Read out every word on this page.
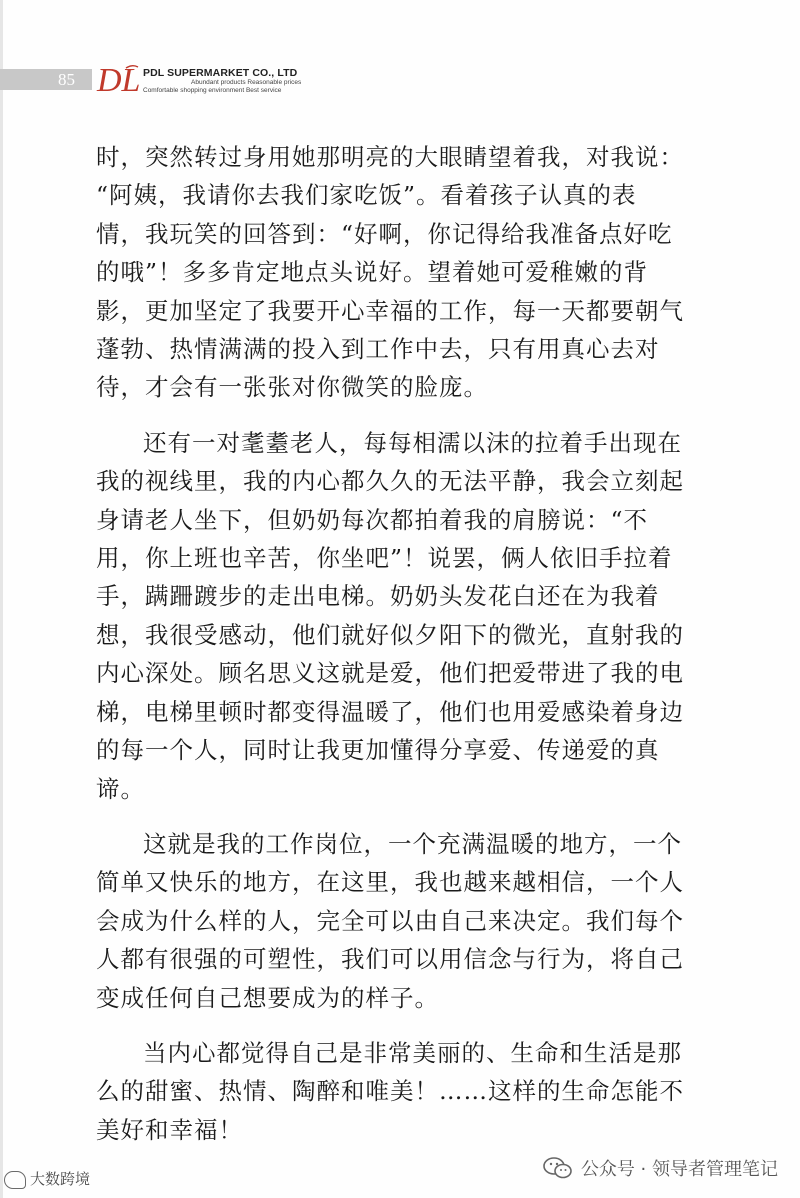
85 DL PDL SUPERMARKET CO., LTD
Abundant products Reasonable prices
Comfortable shopping environment Best service

时，突然转过身用她那明亮的大眼睛望着我，对我说：
“阿姨，我请你去我们家吃饭”。看着孩子认真的表
情，我玩笑的回答到：“好啊，你记得给我准备点好吃
的哦”！多多肯定地点头说好。望着她可爱稚嫩的背
影，更加坚定了我要开心幸福的工作，每一天都要朝气
蓬勃、热情满满的投入到工作中去，只有用真心去对
待，才会有一张张对你微笑的脸庞。

还有一对耄耋老人，每每相濡以沫的拉着手出现在
我的视线里，我的内心都久久的无法平静，我会立刻起
身请老人坐下，但奶奶每次都拍着我的肩膀说：“不
用，你上班也辛苦，你坐吧”！说罢，俩人依旧手拉着
手，蹒跚踱步的走出电梯。奶奶头发花白还在为我着
想，我很受感动，他们就好似夕阳下的微光，直射我的
内心深处。顾名思义这就是爱，他们把爱带进了我的电
梯，电梯里顿时都变得温暖了，他们也用爱感染着身边
的每一个人，同时让我更加懂得分享爱、传递爱的真
谛。

这就是我的工作岗位，一个充满温暖的地方，一个
简单又快乐的地方，在这里，我也越来越相信，一个人
会成为什么样的人，完全可以由自己来决定。我们每个
人都有很强的可塑性，我们可以用信念与行为，将自己
变成任何自己想要成为的样子。

当内心都觉得自己是非常美丽的、生命和生活是那
么的甜蜜、热情、陶醉和唯美！……这样的生命怎能不
美好和幸福！

大数跨境	公众号 · 领导者管理笔记
